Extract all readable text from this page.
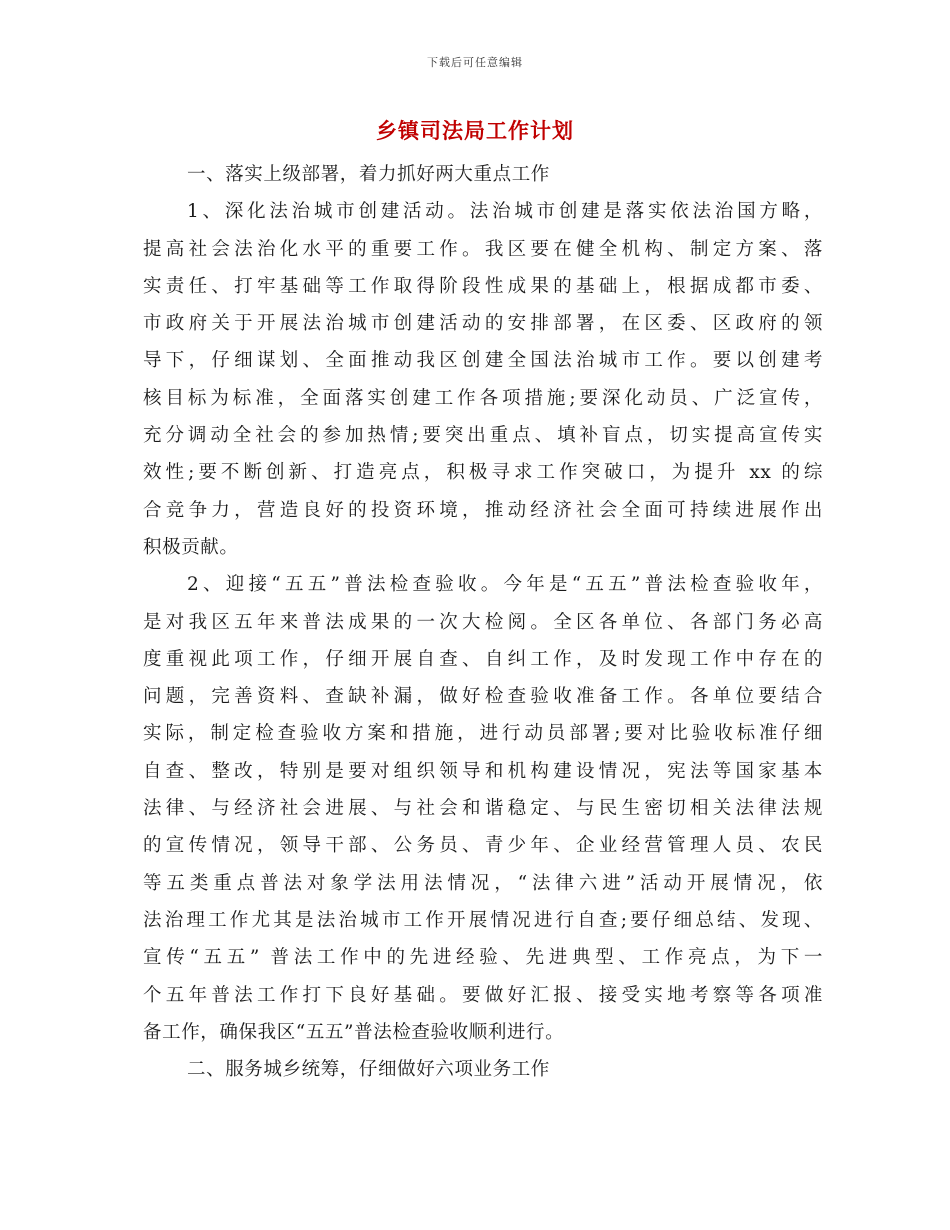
下载后可任意编辑
乡镇司法局工作计划
一、落实上级部署，着力抓好两大重点工作
1、深化法治城市创建活动。法治城市创建是落实依法治国方略，
提高社会法治化水平的重要工作。我区要在健全机构、制定方案、落
实责任、打牢基础等工作取得阶段性成果的基础上，根据成都市委、
市政府关于开展法治城市创建活动的安排部署，在区委、区政府的领
导下，仔细谋划、全面推动我区创建全国法治城市工作。要以创建考
核目标为标准，全面落实创建工作各项措施;要深化动员、广泛宣传，
充分调动全社会的参加热情;要突出重点、填补盲点，切实提高宣传实
效性;要不断创新、打造亮点，积极寻求工作突破口，为提升 xx 的综
合竞争力，营造良好的投资环境，推动经济社会全面可持续进展作出
积极贡献。
2、迎接“五五”普法检查验收。今年是“五五”普法检查验收年，
是对我区五年来普法成果的一次大检阅。全区各单位、各部门务必高
度重视此项工作，仔细开展自查、自纠工作，及时发现工作中存在的
问题，完善资料、查缺补漏，做好检查验收准备工作。各单位要结合
实际，制定检查验收方案和措施，进行动员部署;要对比验收标准仔细
自查、整改，特别是要对组织领导和机构建设情况，宪法等国家基本
法律、与经济社会进展、与社会和谐稳定、与民生密切相关法律法规
的宣传情况，领导干部、公务员、青少年、企业经营管理人员、农民
等五类重点普法对象学法用法情况，“法律六进”活动开展情况，依
法治理工作尤其是法治城市工作开展情况进行自查;要仔细总结、发现、
宣传“五五” 普法工作中的先进经验、先进典型、工作亮点，为下一
个五年普法工作打下良好基础。要做好汇报、接受实地考察等各项准
备工作，确保我区“五五”普法检查验收顺利进行。
二、服务城乡统筹，仔细做好六项业务工作
